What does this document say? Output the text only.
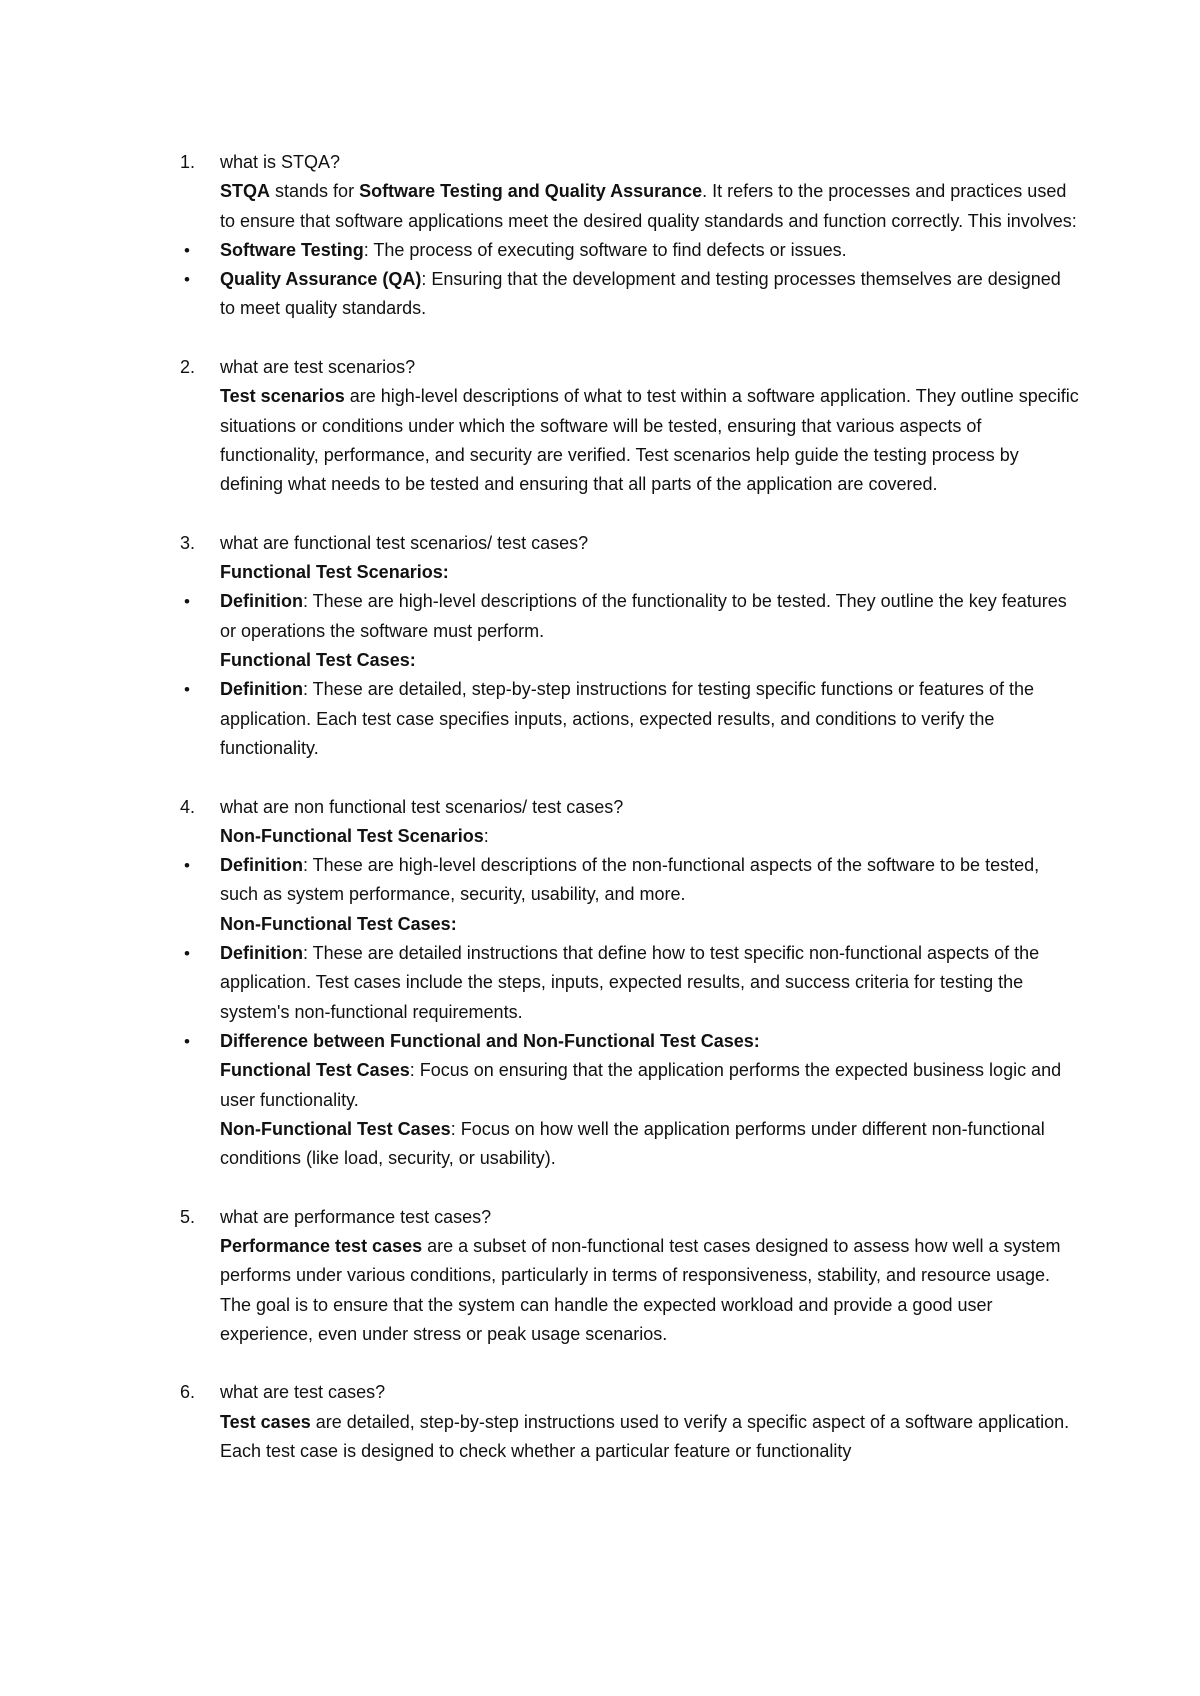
1.	what is STQA?
STQA stands for Software Testing and Quality Assurance. It refers to the processes and practices used to ensure that software applications meet the desired quality standards and function correctly. This involves:
•	Software Testing: The process of executing software to find defects or issues.
•	Quality Assurance (QA): Ensuring that the development and testing processes themselves are designed to meet quality standards.
2.	what are test scenarios?
Test scenarios are high-level descriptions of what to test within a software application. They outline specific situations or conditions under which the software will be tested, ensuring that various aspects of functionality, performance, and security are verified. Test scenarios help guide the testing process by defining what needs to be tested and ensuring that all parts of the application are covered.
3.	what are functional test scenarios/ test cases?
Functional Test Scenarios:
•	Definition: These are high-level descriptions of the functionality to be tested. They outline the key features or operations the software must perform.
Functional Test Cases:
•	Definition: These are detailed, step-by-step instructions for testing specific functions or features of the application. Each test case specifies inputs, actions, expected results, and conditions to verify the functionality.
4.	what are non functional test scenarios/ test cases?
Non-Functional Test Scenarios:
•	Definition: These are high-level descriptions of the non-functional aspects of the software to be tested, such as system performance, security, usability, and more.
Non-Functional Test Cases:
•	Definition: These are detailed instructions that define how to test specific non-functional aspects of the application. Test cases include the steps, inputs, expected results, and success criteria for testing the system's non-functional requirements.
•	Difference between Functional and Non-Functional Test Cases:
Functional Test Cases: Focus on ensuring that the application performs the expected business logic and user functionality.
Non-Functional Test Cases: Focus on how well the application performs under different non-functional conditions (like load, security, or usability).
5.	what are performance test cases?
Performance test cases are a subset of non-functional test cases designed to assess how well a system performs under various conditions, particularly in terms of responsiveness, stability, and resource usage. The goal is to ensure that the system can handle the expected workload and provide a good user experience, even under stress or peak usage scenarios.
6.	what are test cases?
Test cases are detailed, step-by-step instructions used to verify a specific aspect of a software application. Each test case is designed to check whether a particular feature or functionality
